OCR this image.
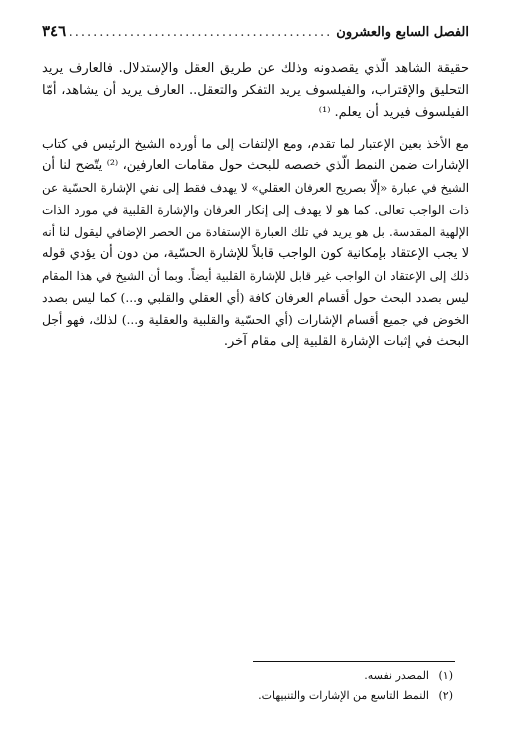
الفصل السابع والعشرون
.....
٣٤٦

حقيقة الشاهد الّذي يقصدونه وذلك عن طريق العقل والإستدلال. فالعارف يريد
التحليق والإقتراب، والفيلسوف يريد التفكر والتعقل.. العارف يريد أن يشاهد، أمّا
الفيلسوف فيريد أن يعلم. ⁽¹⁾

مع الأخذ بعين الإعتبار لما تقدم، ومع الإلتفات إلى ما أورده الشيخ الرئيس في كتاب
الإشارات ضمن النمط الّذي خصصه للبحث حول مقامات العارفين، ⁽²⁾ يتّضح لنا أن
الشيخ في عبارة «إلّا بصريح العرفان العقلي» لا يهدف فقط إلى نفي الإشارة الحسّية عن
ذات الواجب تعالى. كما هو لا يهدف إلى إنكار العرفان والإشارة القلبية في مورد الذات
الإلهية المقدسة. بل هو يريد في تلك العبارة الإستفادة من الحصر الإضافي ليقول لنا أنه
لا يجب الإعتقاد بإمكانية كون الواجب قابلاً للإشارة الحسّية، من دون أن يؤدي قوله
ذلك إلى الإعتقاد ان الواجب غير قابل للإشارة القلبية أيضاً. وبما أن الشيخ في هذا المقام
ليس بصدد البحث حول أقسام العرفان كافة (أي العقلي والقلبي و...) كما ليس بصدد
الخوض في جميع أقسام الإشارات (أي الحسّية والقلبية والعقلية و...) لذلك، فهو أجل
البحث في إثبات الإشارة القلبية إلى مقام آخر.

(١) المصدر نفسه.
(٢) النمط التاسع من الإشارات والتنبيهات.
